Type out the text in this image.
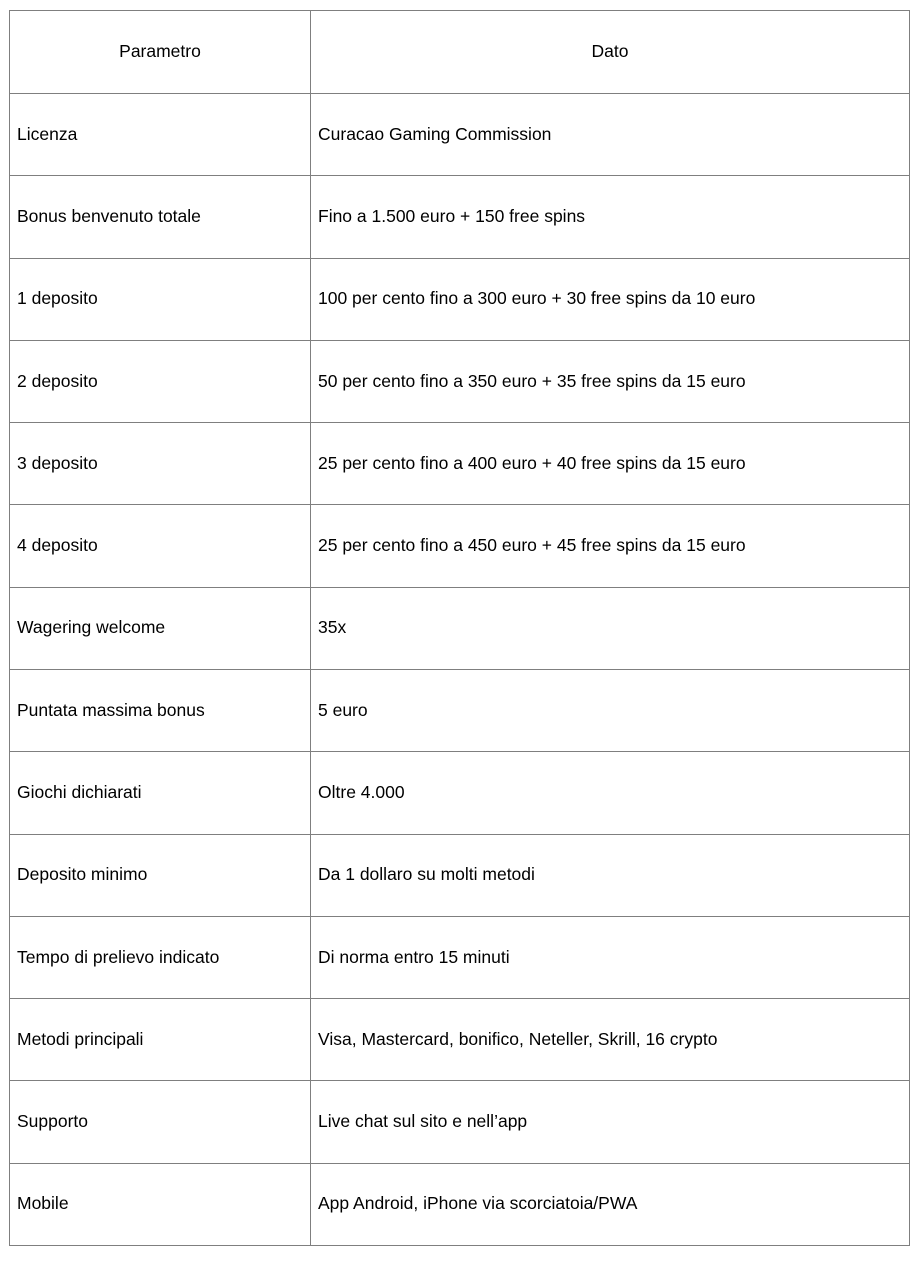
Parametro	Dato
Licenza	Curacao Gaming Commission
Bonus benvenuto totale	Fino a 1.500 euro + 150 free spins
1 deposito	100 per cento fino a 300 euro + 30 free spins da 10 euro
2 deposito	50 per cento fino a 350 euro + 35 free spins da 15 euro
3 deposito	25 per cento fino a 400 euro + 40 free spins da 15 euro
4 deposito	25 per cento fino a 450 euro + 45 free spins da 15 euro
Wagering welcome	35x
Puntata massima bonus	5 euro
Giochi dichiarati	Oltre 4.000
Deposito minimo	Da 1 dollaro su molti metodi
Tempo di prelievo indicato	Di norma entro 15 minuti
Metodi principali	Visa, Mastercard, bonifico, Neteller, Skrill, 16 crypto
Supporto	Live chat sul sito e nell’app
Mobile	App Android, iPhone via scorciatoia/PWA
